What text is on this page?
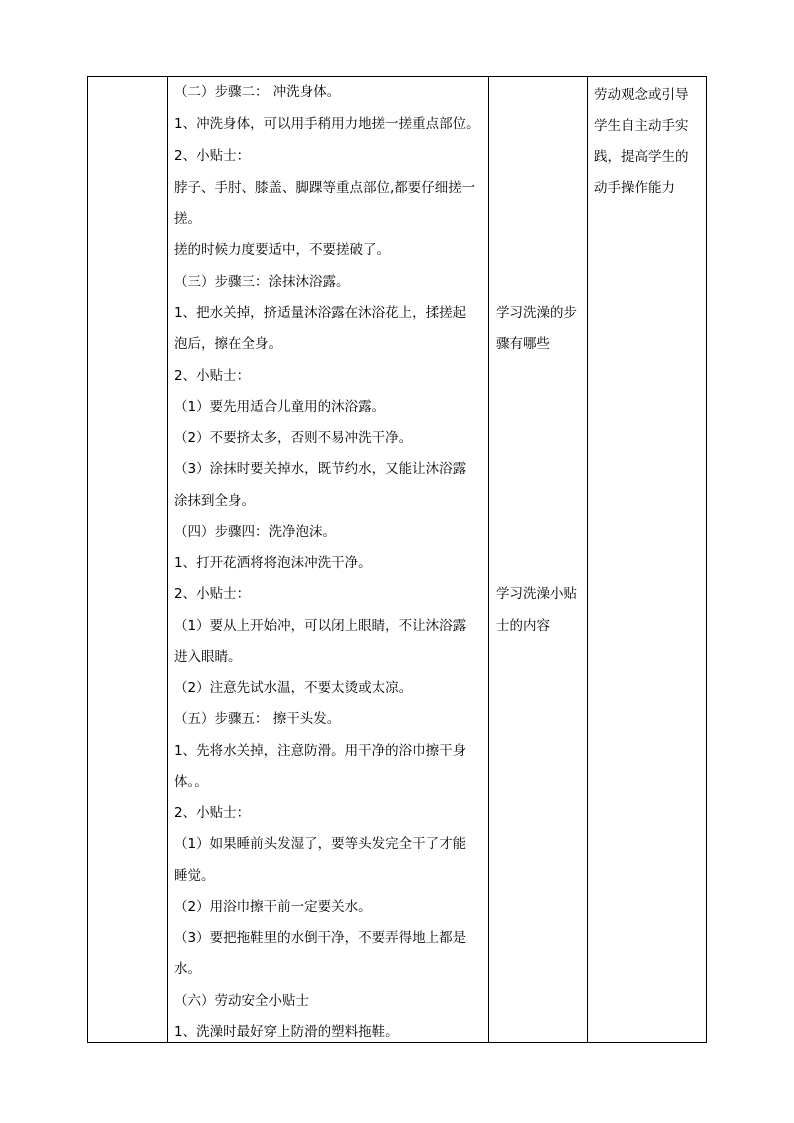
（二）步骤二： 冲洗身体。

1、冲洗身体，可以用手稍用力地搓一搓重点部位。

2、小贴士：

脖子、手肘、膝盖、脚踝等重点部位,都要仔细搓一

搓。

搓的时候力度要适中，不要搓破了。

（三）步骤三：涂抹沐浴露。

1、把水关掉，挤适量沐浴露在沐浴花上，揉搓起

泡后，擦在全身。

2、小贴士：

（1）要先用适合儿童用的沐浴露。

（2）不要挤太多，否则不易冲洗干净。

（3）涂抹时要关掉水，既节约水，又能让沐浴露

涂抹到全身。

（四）步骤四：洗净泡沫。

1、打开花洒将将泡沫冲洗干净。

2、小贴士：

（1）要从上开始冲，可以闭上眼睛，不让沐浴露

进入眼睛。

（2）注意先试水温，不要太烫或太凉。

（五）步骤五： 擦干头发。

1、先将水关掉，注意防滑。用干净的浴巾擦干身

体。。

2、小贴士：

（1）如果睡前头发湿了，要等头发完全干了才能

睡觉。

（2）用浴巾擦干前一定要关水。

（3）要把拖鞋里的水倒干净，不要弄得地上都是

水。

（六）劳动安全小贴士

1、洗澡时最好穿上防滑的塑料拖鞋。

学习洗澡的步

骤有哪些

学习洗澡小贴

士的内容

劳动观念或引导

学生自主动手实

践，提高学生的

动手操作能力
